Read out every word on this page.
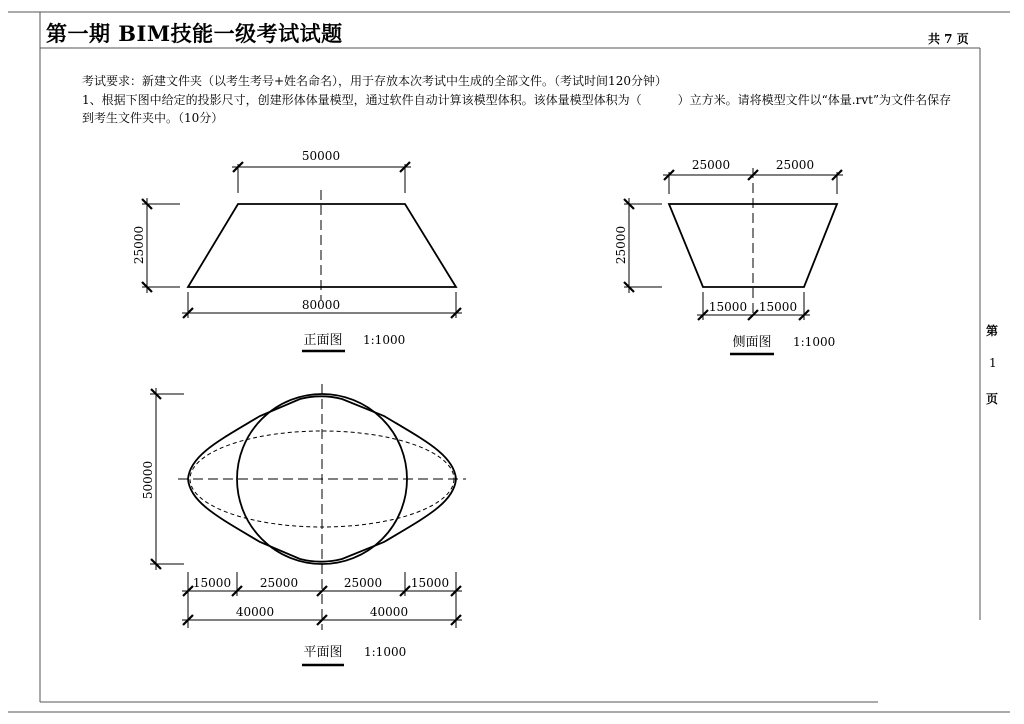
第一期 BIM技能一级考试试题	共 7 页
考试要求：新建文件夹（以考生考号+姓名命名），用于存放本次考试中生成的全部文件。（考试时间120分钟）
1、根据下图中给定的投影尺寸，创建形体体量模型，通过软件自动计算该模型体积。该体量模型体积为（　　　）立方米。请将模型文件以“体量.rvt”为文件名保存到考生文件夹中。（10分）
第
1
页
50000
80000
25000
正面图 1:1000
25000	25000
15000 15000
25000
侧面图 1:1000
50000
15000 25000	25000 15000
40000	40000
平面图 1:1000
